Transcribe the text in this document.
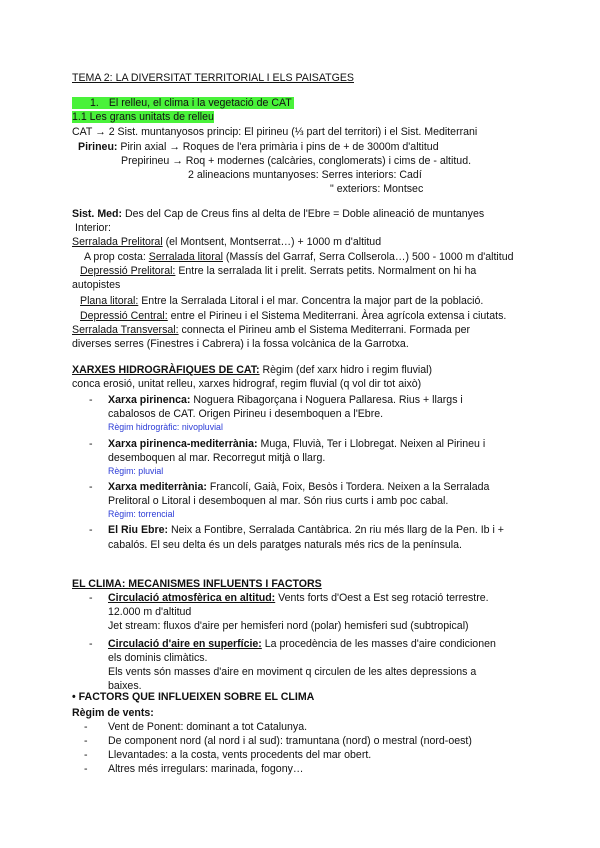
TEMA 2: LA DIVERSITAT TERRITORIAL I ELS PAISATGES
1. El relleu, el clima i la vegetació de CAT
1.1 Les grans unitats de relleu
CAT → 2 Sist. muntanyosos princip: El pirineu (⅓ part del territori) i el Sist. Mediterrani
Pirineu: Pirin axial → Roques de l'era primària i pins de + de 3000m d'altitud
Prepirineu → Roq + modernes (calcàries, conglomerats) i cims de - altitud.
2 alineacions muntanyoses: Serres interiors: Cadí
" exteriors: Montsec
Sist. Med: Des del Cap de Creus fins al delta de l'Ebre = Doble alineació de muntanyes
Interior:
Serralada Prelitoral (el Montsent, Montserrat…) + 1000 m d'altitud
A prop costa: Serralada litoral (Massís del Garraf, Serra Collserola…) 500 - 1000 m d'altitud
Depressió Prelitoral: Entre la serralada lit i prelit. Serrats petits. Normalment on hi ha
autopistes
Plana litoral: Entre la Serralada Litoral i el mar. Concentra la major part de la població.
Depressió Central: entre el Pirineu i el Sistema Mediterrani. Àrea agrícola extensa i ciutats.
Serralada Transversal: connecta el Pirineu amb el Sistema Mediterrani. Formada per
diverses serres (Finestres i Cabrera) i la fossa volcànica de la Garrotxa.
XARXES HIDROGRÀFIQUES DE CAT: Règim (def xarx hidro i regim fluvial)
conca erosió, unitat relleu, xarxes hidrograf, regim fluvial (q vol dir tot això)
- Xarxa pirinenca: Noguera Ribagorçana i Noguera Pallaresa. Rius + llargs i
cabalosos de CAT. Origen Pirineu i desemboquen a l'Ebre.
Règim hidrogràfic: nivopluvial
- Xarxa pirinenca-mediterrània: Muga, Fluvià, Ter i Llobregat. Neixen al Pirineu i
desemboquen al mar. Recorregut mitjà o llarg.
Règim: pluvial
- Xarxa mediterrània: Francolí, Gaià, Foix, Besòs i Tordera. Neixen a la Serralada
Prelitoral o Litoral i desemboquen al mar. Són rius curts i amb poc cabal.
Règim: torrencial
- El Riu Ebre: Neix a Fontibre, Serralada Cantàbrica. 2n riu més llarg de la Pen. Ib i +
cabalós. El seu delta és un dels paratges naturals més rics de la península.
EL CLIMA: MECANISMES INFLUENTS I FACTORS
- Circulació atmosfèrica en altitud: Vents forts d'Oest a Est seg rotació terrestre.
12.000 m d'altitud
Jet stream: fluxos d'aire per hemisferi nord (polar) hemisferi sud (subtropical)
- Circulació d'aire en superfície: La procedència de les masses d'aire condicionen
els dominis climàtics.
Els vents són masses d'aire en moviment q circulen de les altes depressions a
baixes.
• FACTORS QUE INFLUEIXEN SOBRE EL CLIMA
Règim de vents:
- Vent de Ponent: dominant a tot Catalunya.
- De component nord (al nord i al sud): tramuntana (nord) o mestral (nord-oest)
- Llevantades: a la costa, vents procedents del mar obert.
- Altres més irregulars: marinada, fogony…
